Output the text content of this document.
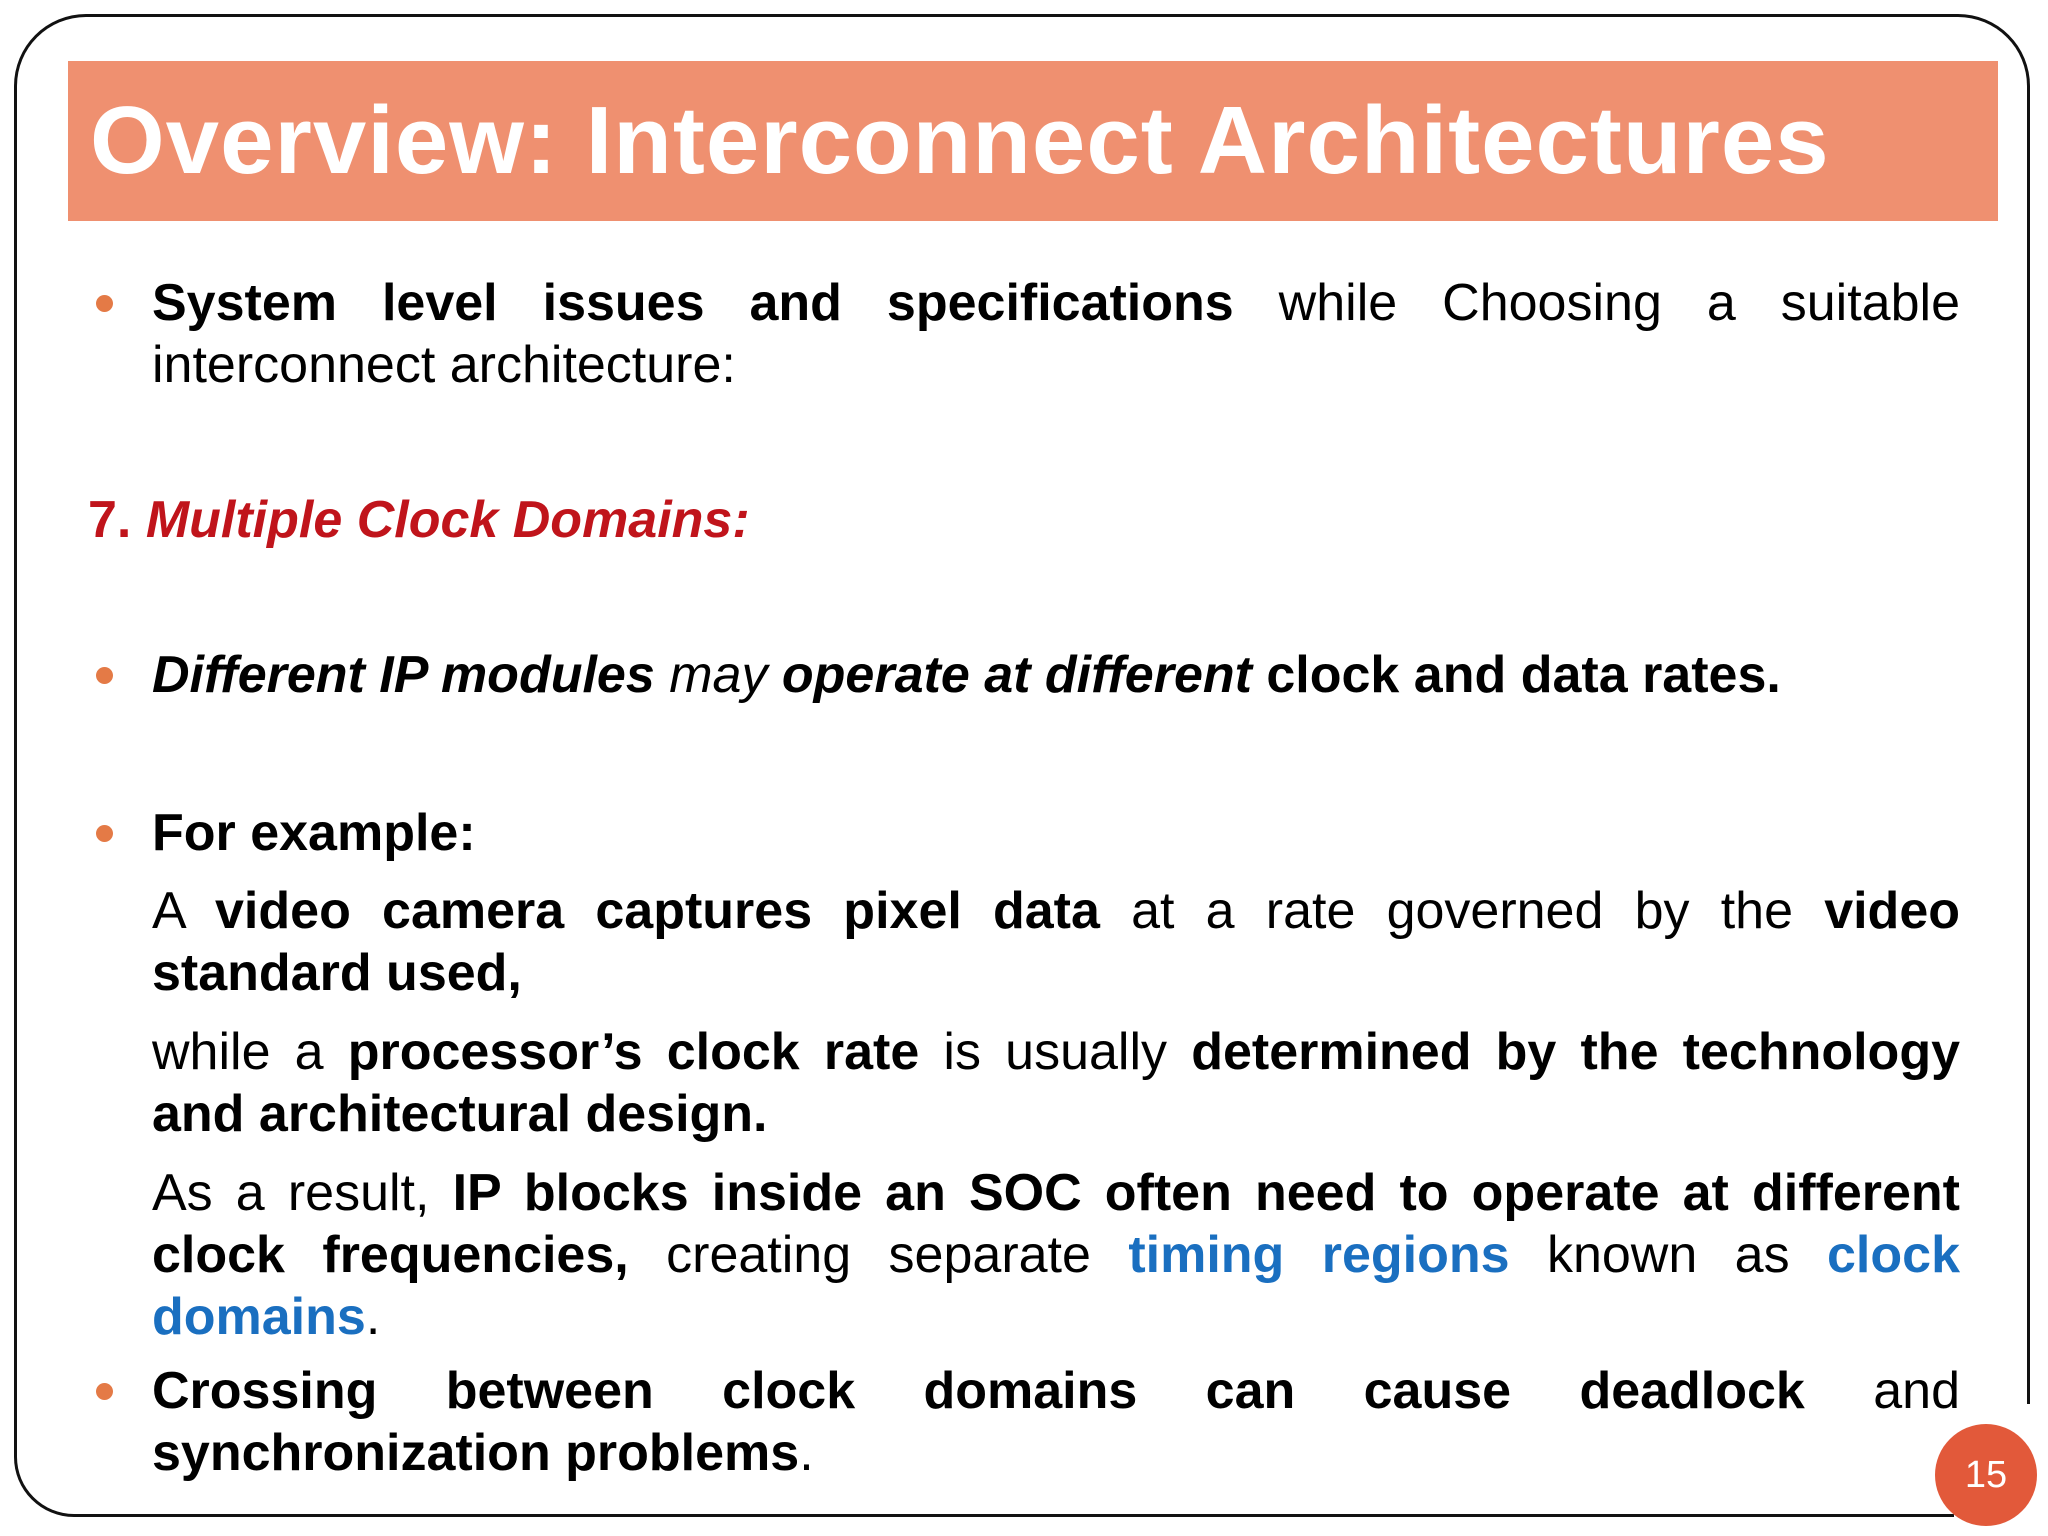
Overview: Interconnect Architectures
System level issues and specifications while Choosing a suitable interconnect architecture:
7. Multiple Clock Domains:
Different IP modules may operate at different clock and data rates.
For example:
A video camera captures pixel data at a rate governed by the video standard used,
while a processor’s clock rate is usually determined by the technology and architectural design.
As a result, IP blocks inside an SOC often need to operate at different clock frequencies, creating separate timing regions known as clock domains.
Crossing between clock domains can cause deadlock and synchronization problems.	15
